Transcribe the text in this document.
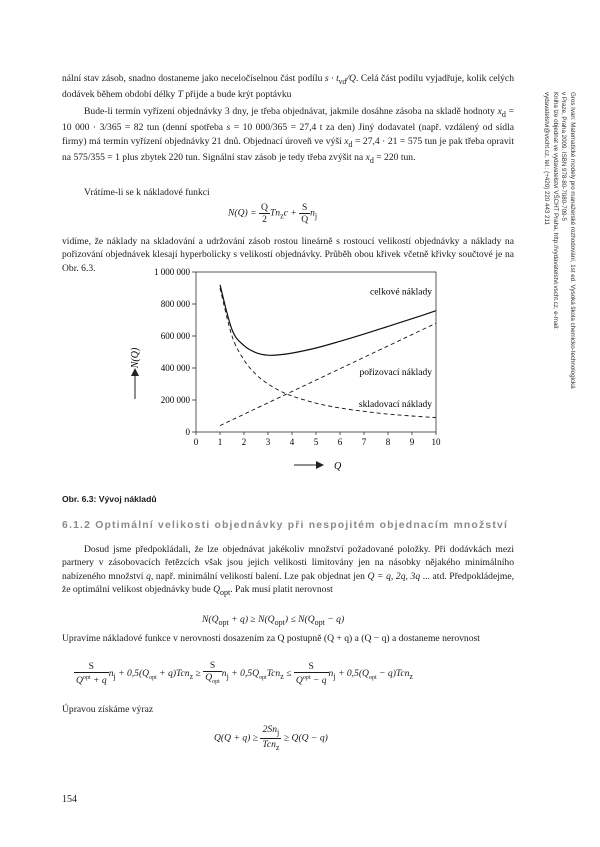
Gros Ivan: Matematické modely pro manažerské rozhodování, 1st ed. Vysoká škola chemicko-technologická v Praze, Praha 2009. ISBN 978-80-7080-709-5
Kniha lze objednat ve vydavatelství VŠCHT Praha, http://vydavatelstvi.vscht.cz, e-mail: vydavatelstvi@vscht.cz, tel.: (+420) 220 443 211

nální stav zásob, snadno dostaneme jako neceločíselnou část podílu $s \cdot t_{vd}/Q$. Celá část podílu vyjadřuje, kolik celých dodávek během období délky T přijde a bude krýt poptávku

Bude-li termín vyřízení objednávky 3 dny, je třeba objednávat, jakmile dosáhne zásoba na skladě hodnoty $x_d = 10$ 000 · 3/365 = 82 tun (denní spotřeba s = 10 000/365 = 27,4 t za den) Jiný dodavatel (např. vzdálený od sídla firmy) má termín vyřízení objednávky 21 dnů. Objednací úroveň ve výši $x_d = 27,4 \cdot 21 = 575$ tun je pak třeba opravit na 575/355 = 1 plus zbytek 220 tun. Signální stav zásob je tedy třeba zvýšit na $x_d = 220$ tun.

Vrátíme-li se k nákladové funkci

$N(Q) = \frac{Q}{2} Tn_zc + \frac{S}{Q} n_j$

vidíme, že náklady na skladování a udržování zásob rostou lineárně s rostoucí velikostí objednávky a náklady na pořizování objednávek klesají hyperbolicky s velikostí objednávky. Průběh obou křivek včetně křivky součtové je na Obr. 6.3.

0
200 000
400 000
600 000
800 000
1 000 000
0 1 2 3 4 5 6 7 8 9 10
celkové náklady
pořizovací náklady
skladovací náklady
N(Q)
Q
Obr. 6.3: Vývoj nákladů
6.1.2 Optimální velikosti objednávky při nespojitém objednacím množství

Dosud jsme předpokládali, že lze objednávat jakékoliv množství požadované položky. Při dodávkách mezi partnery v zásobovacích řetězcích však jsou jejich velikosti limitovány jen na násobky nějakého minimálního nabízeného množství q, např. minimální velikostí balení. Lze pak objednat jen Q = q, 2q, 3q ... atd. Předpokládejme, že optimální velikost objednávky bude $Q_{opt}$. Pak musí platit nerovnost

$N(Q_{opt} + q) \ge N(Q_{opt}) \le N(Q_{opt} - q)$

Upravíme nákladové funkce v nerovnosti dosazením za Q postupně (Q + q) a (Q − q) a dostaneme nerovnost

$\frac{S}{Q^{opt} + q} n_j + 0,5(Q_{opt} + q)Tcn_z \ge \frac{S}{Q_{opt}} n_j + 0,5Q_{opt}Tcn_z \le \frac{S}{Q^{opt} - q} n_j + 0,5(Q_{opt} - q)Tcn_z$

Úpravou získáme výraz

$Q(Q + q) \ge \frac{2Sn_j}{Tcn_z} \ge Q(Q - q)$
154
